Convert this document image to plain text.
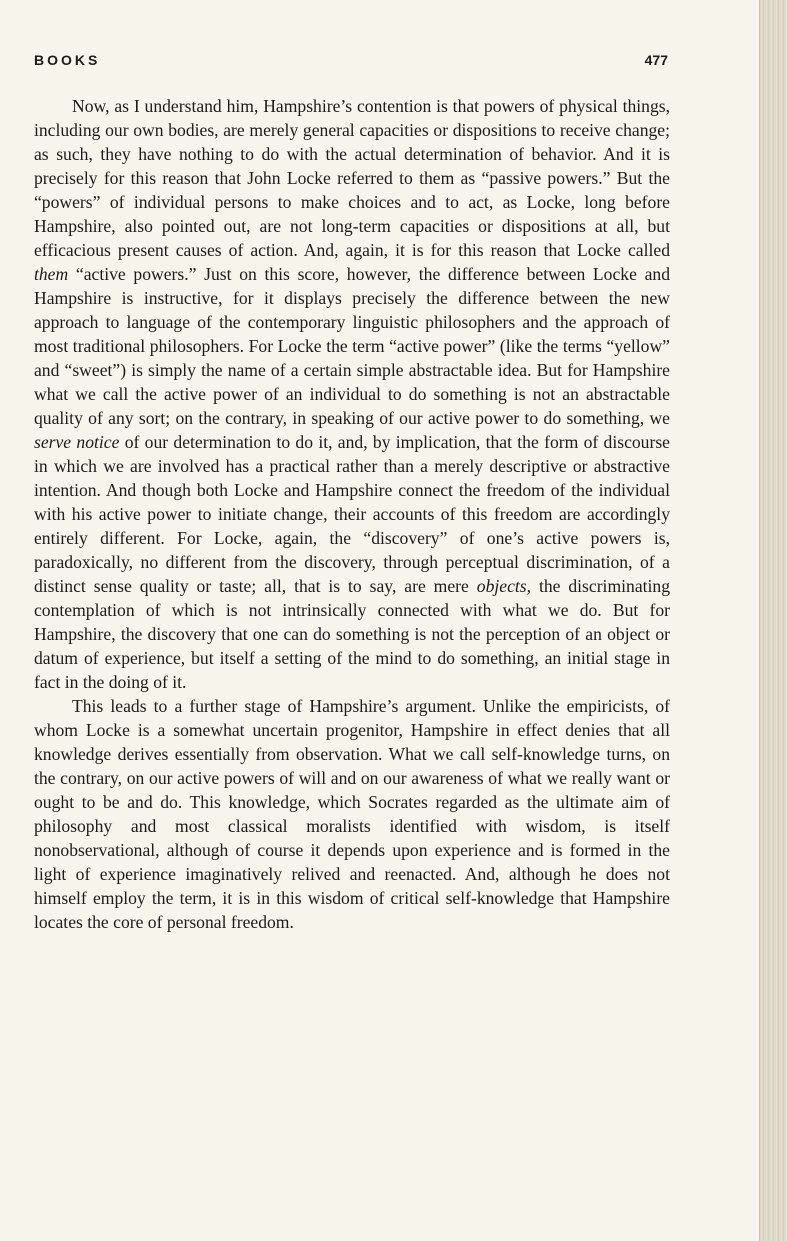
BOOKS	477

Now, as I understand him, Hampshire’s contention is that powers of physical things, including our own bodies, are merely general capacities or dispositions to receive change; as such, they have nothing to do with the actual determination of behavior. And it is precisely for this reason that John Locke referred to them as “passive powers.” But the “powers” of individual persons to make choices and to act, as Locke, long before Hampshire, also pointed out, are not long-term capacities or dispositions at all, but efficacious present causes of action. And, again, it is for this reason that Locke called them “active powers.” Just on this score, however, the difference between Locke and Hampshire is instructive, for it displays precisely the difference between the new approach to language of the contemporary linguistic philosophers and the approach of most traditional philosophers. For Locke the term “active power” (like the terms “yellow” and “sweet”) is simply the name of a certain simple abstractable idea. But for Hampshire what we call the active power of an individual to do something is not an abstractable quality of any sort; on the contrary, in speaking of our active power to do something, we serve notice of our determination to do it, and, by implication, that the form of discourse in which we are involved has a practical rather than a merely descriptive or abstractive intention. And though both Locke and Hampshire connect the freedom of the individual with his active power to initiate change, their accounts of this freedom are accordingly entirely different. For Locke, again, the “discovery” of one’s active powers is, paradoxically, no different from the discovery, through perceptual discrimination, of a distinct sense quality or taste; all, that is to say, are mere objects, the discriminating contemplation of which is not intrinsically connected with what we do. But for Hampshire, the discovery that one can do something is not the perception of an object or datum of experience, but itself a setting of the mind to do something, an initial stage in fact in the doing of it.

This leads to a further stage of Hampshire’s argument. Unlike the empiricists, of whom Locke is a somewhat uncertain progenitor, Hampshire in effect denies that all knowledge derives essentially from observation. What we call self-knowledge turns, on the contrary, on our active powers of will and on our awareness of what we really want or ought to be and do. This knowledge, which Socrates regarded as the ultimate aim of philosophy and most classical moralists identified with wisdom, is itself nonobservational, although of course it depends upon experience and is formed in the light of experience imaginatively relived and reenacted. And, although he does not himself employ the term, it is in this wisdom of critical self-knowledge that Hampshire locates the core of personal freedom.
